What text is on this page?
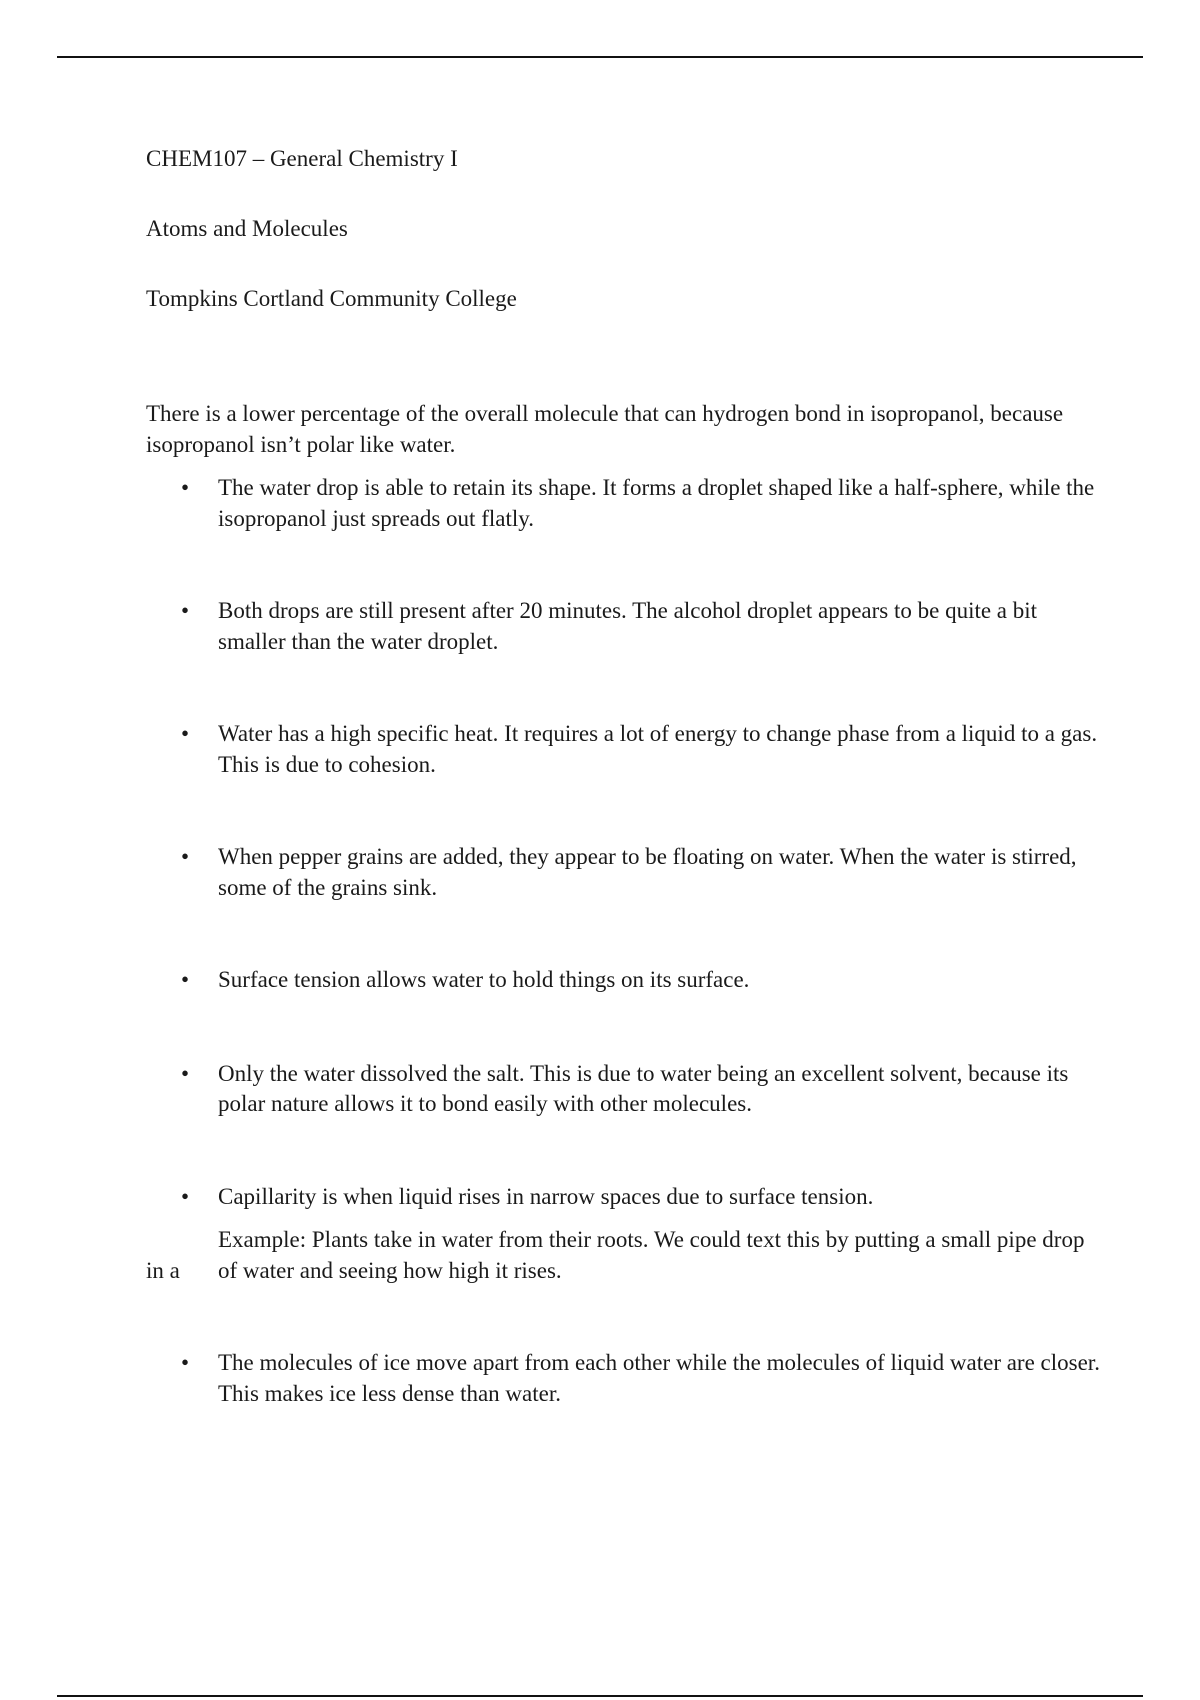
CHEM107 – General Chemistry I
Atoms and Molecules
Tompkins Cortland Community College

There is a lower percentage of the overall molecule that can hydrogen bond in isopropanol, because isopropanol isn’t polar like water.

• The water drop is able to retain its shape. It forms a droplet shaped like a half-sphere, while the isopropanol just spreads out flatly.
• Both drops are still present after 20 minutes. The alcohol droplet appears to be quite a bit smaller than the water droplet.
• Water has a high specific heat. It requires a lot of energy to change phase from a liquid to a gas. This is due to cohesion.
• When pepper grains are added, they appear to be floating on water. When the water is stirred, some of the grains sink.
• Surface tension allows water to hold things on its surface.
• Only the water dissolved the salt. This is due to water being an excellent solvent, because its polar nature allows it to bond easily with other molecules.
• Capillarity is when liquid rises in narrow spaces due to surface tension.
in a
Example: Plants take in water from their roots. We could text this by putting a small pipe drop of water and seeing how high it rises.
• The molecules of ice move apart from each other while the molecules of liquid water are closer. This makes ice less dense than water.
